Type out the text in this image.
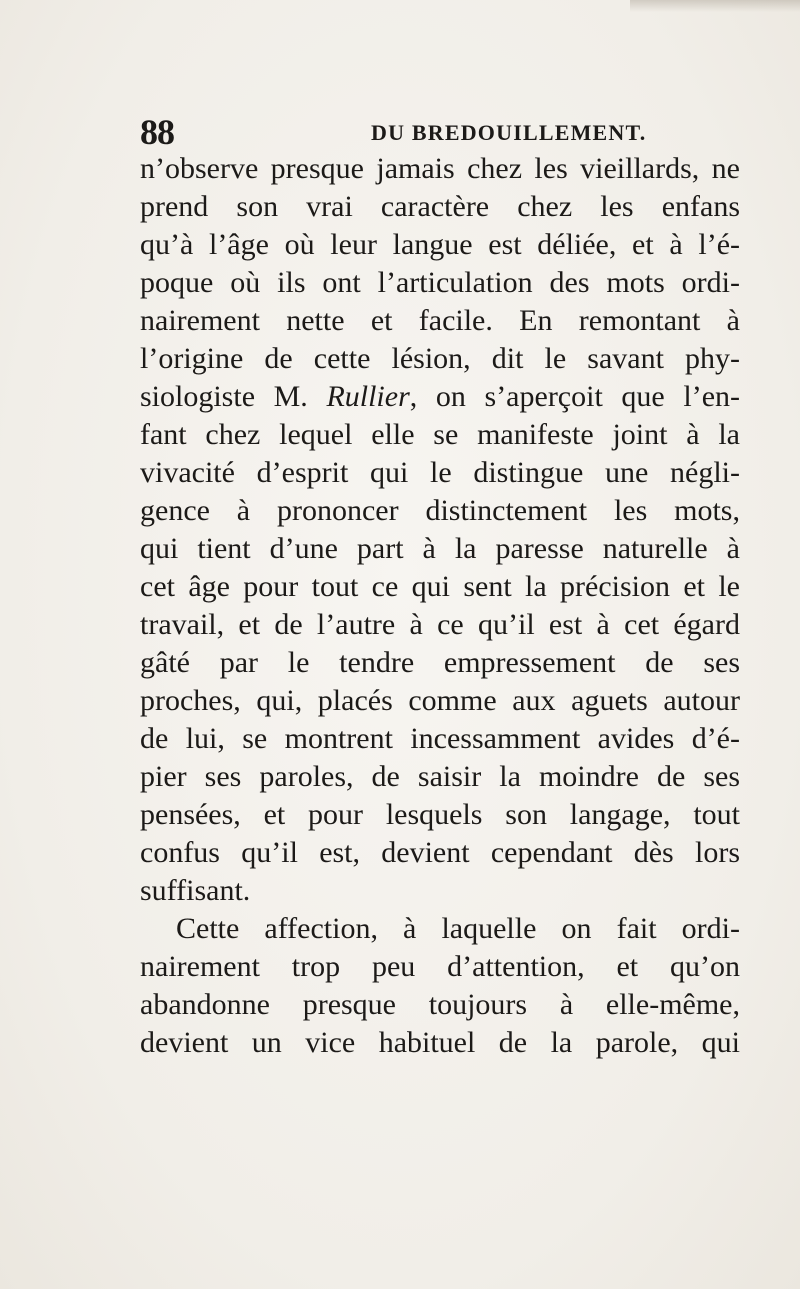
88	DU BREDOUILLEMENT.
n’observe presque jamais chez les vieillards, ne
prend son vrai caractère chez les enfans
qu’à l’âge où leur langue est déliée, et à l’é-
poque où ils ont l’articulation des mots ordi-
nairement nette et facile. En remontant à
l’origine de cette lésion, dit le savant phy-
siologiste M. Rullier, on s’aperçoit que l’en-
fant chez lequel elle se manifeste joint à la
vivacité d’esprit qui le distingue une négli-
gence à prononcer distinctement les mots,
qui tient d’une part à la paresse naturelle à
cet âge pour tout ce qui sent la précision et le
travail, et de l’autre à ce qu’il est à cet égard
gâté par le tendre empressement de ses
proches, qui, placés comme aux aguets autour
de lui, se montrent incessamment avides d’é-
pier ses paroles, de saisir la moindre de ses
pensées, et pour lesquels son langage, tout
confus qu’il est, devient cependant dès lors
suffisant.
Cette affection, à laquelle on fait ordi-
nairement trop peu d’attention, et qu’on
abandonne presque toujours à elle-même,
devient un vice habituel de la parole, qui
